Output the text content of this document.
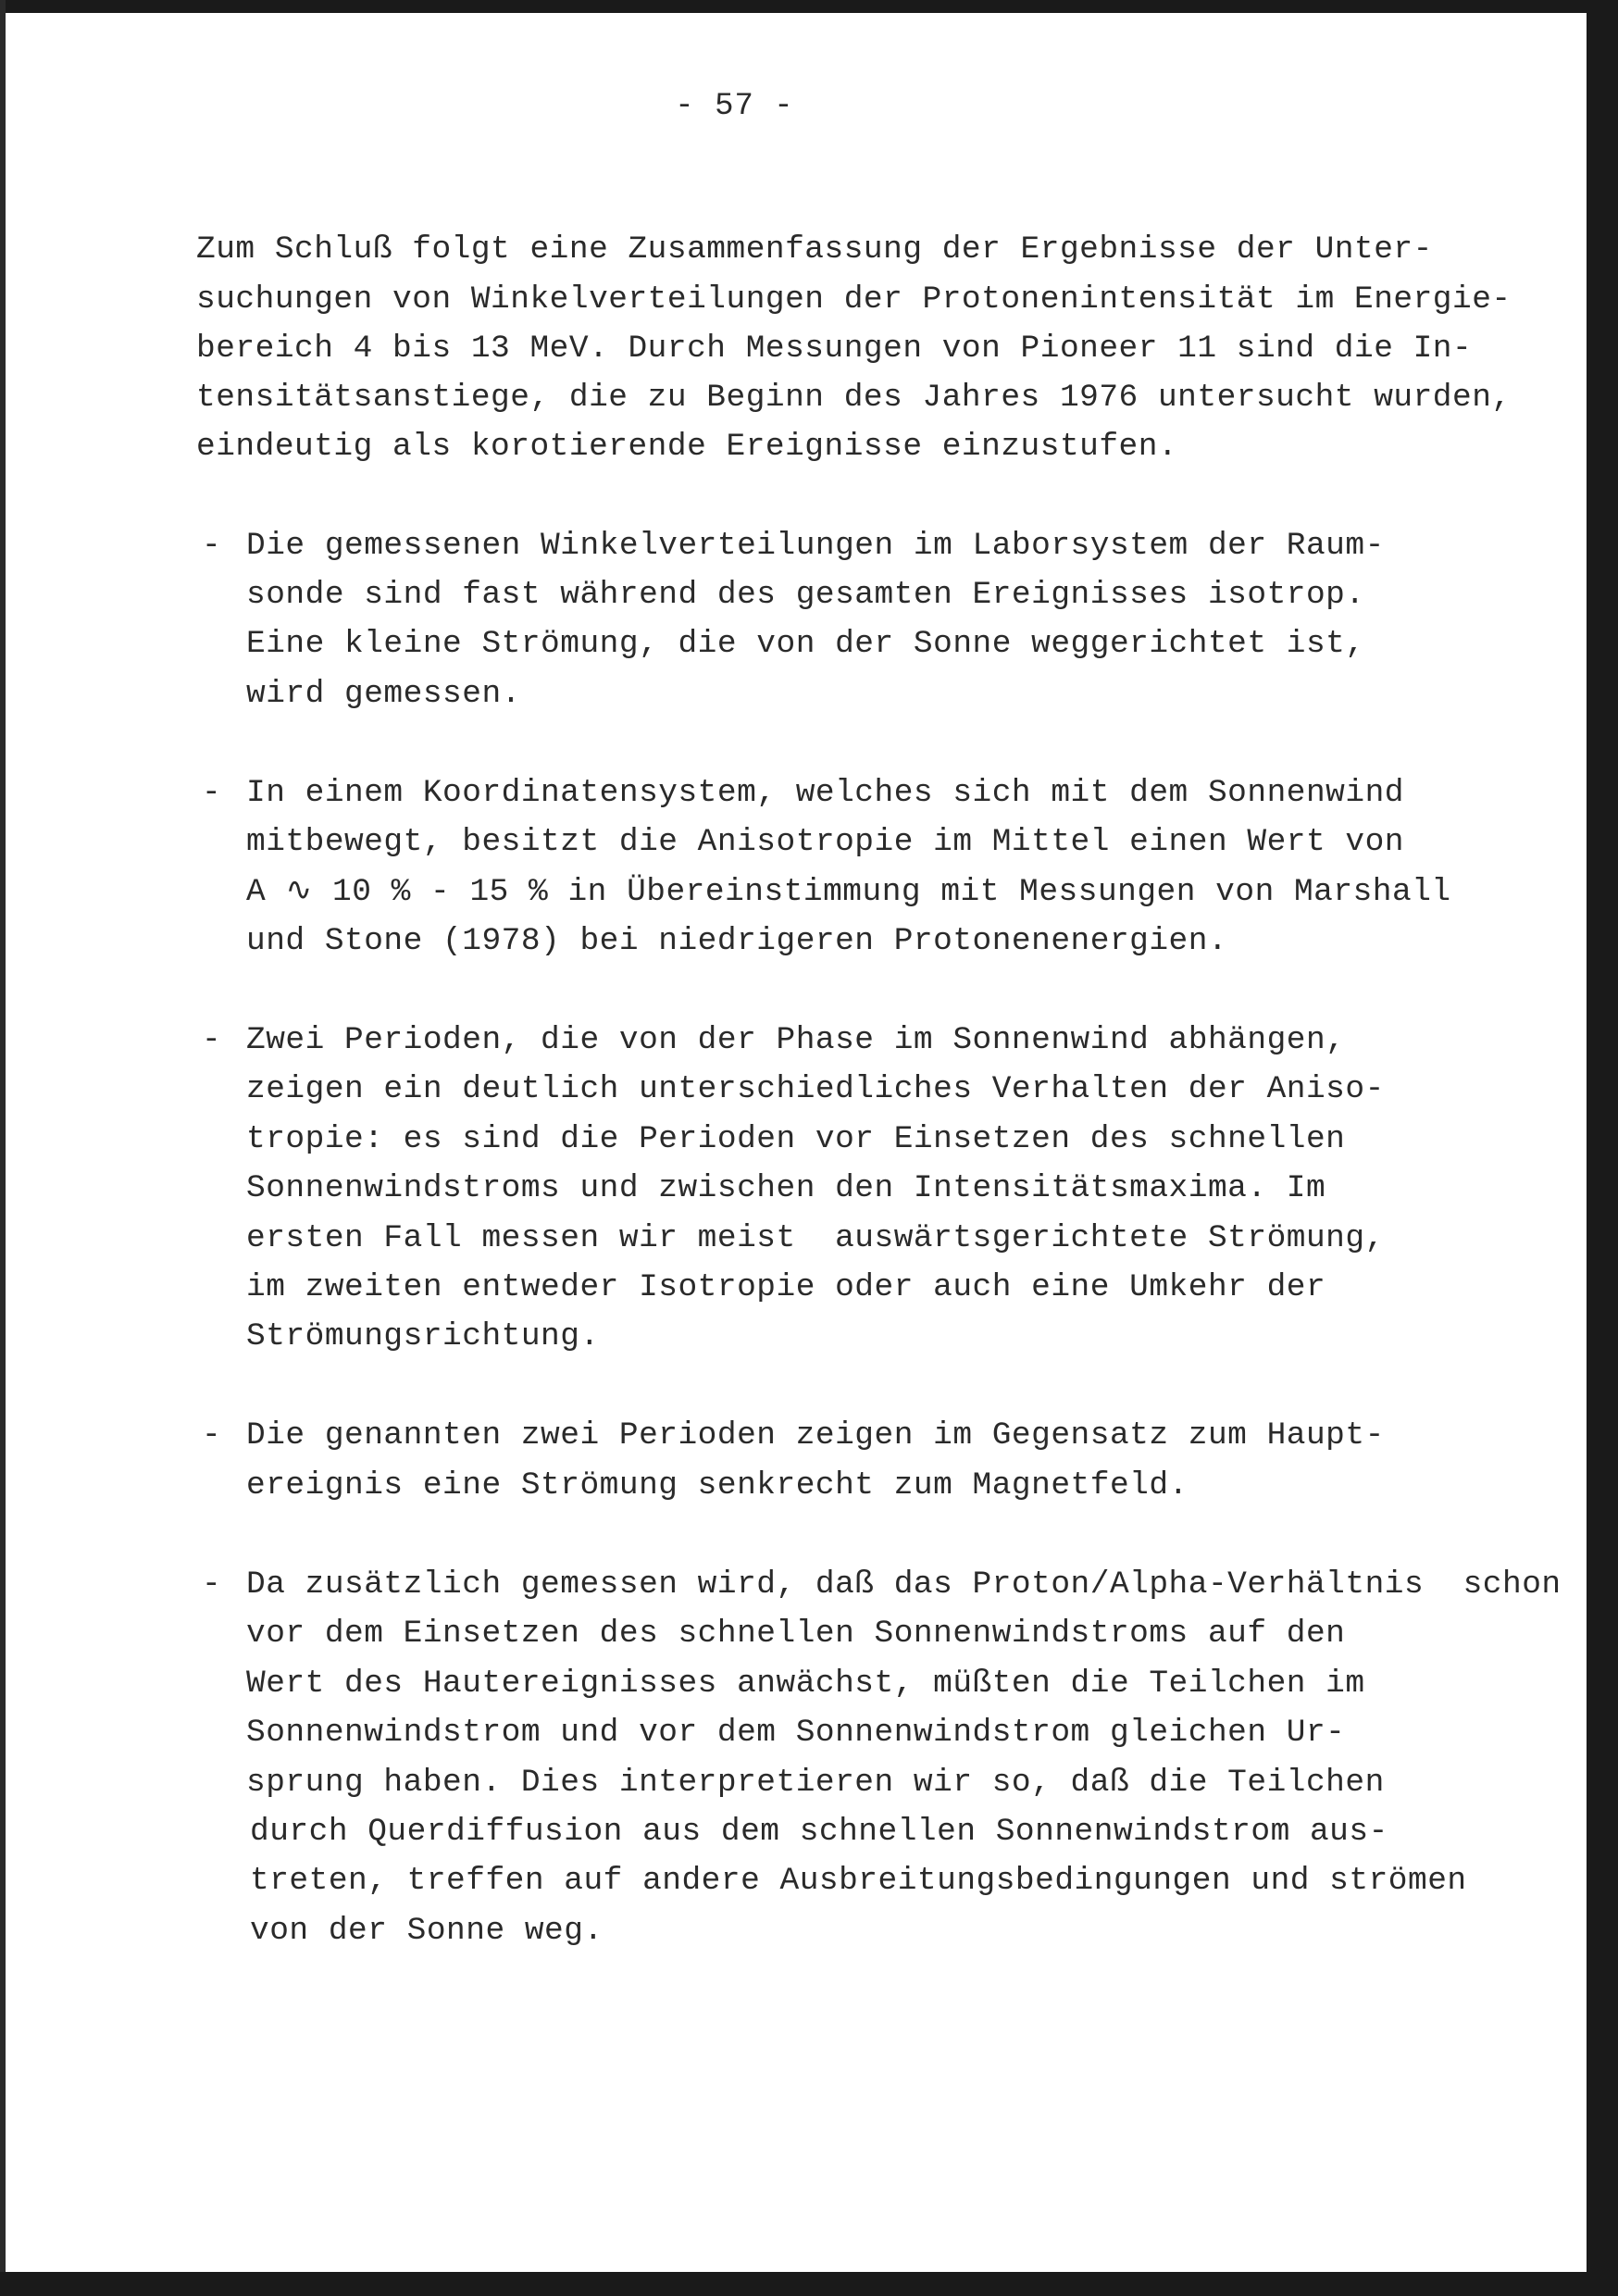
- 57 -
Zum Schluß folgt eine Zusammenfassung der Ergebnisse der Unter-
suchungen von Winkelverteilungen der Protonenintensität im Energie-
bereich 4 bis 13 MeV. Durch Messungen von Pioneer 11 sind die In-
tensitätsanstiege, die zu Beginn des Jahres 1976 untersucht wurden,
eindeutig als korotierende Ereignisse einzustufen.
- Die gemessenen Winkelverteilungen im Laborsystem der Raum-
sonde sind fast während des gesamten Ereignisses isotrop.
Eine kleine Strömung, die von der Sonne weggerichtet ist,
wird gemessen.
- In einem Koordinatensystem, welches sich mit dem Sonnenwind
mitbewegt, besitzt die Anisotropie im Mittel einen Wert von
A ∿ 10 % - 15 % in Übereinstimmung mit Messungen von Marshall
und Stone (1978) bei niedrigeren Protonenenergien.
- Zwei Perioden, die von der Phase im Sonnenwind abhängen,
zeigen ein deutlich unterschiedliches Verhalten der Aniso-
tropie: es sind die Perioden vor Einsetzen des schnellen
Sonnenwindstroms und zwischen den Intensitätsmaxima. Im
ersten Fall messen wir meist  auswärtsgerichtete Strömung,
im zweiten entweder Isotropie oder auch eine Umkehr der
Strömungsrichtung.
- Die genannten zwei Perioden zeigen im Gegensatz zum Haupt-
ereignis eine Strömung senkrecht zum Magnetfeld.
- Da zusätzlich gemessen wird, daß das Proton/Alpha-Verhältnis  schon
vor dem Einsetzen des schnellen Sonnenwindstroms auf den
Wert des Hautereignisses anwächst, müßten die Teilchen im
Sonnenwindstrom und vor dem Sonnenwindstrom gleichen Ur-
sprung haben. Dies interpretieren wir so, daß die Teilchen
durch Querdiffusion aus dem schnellen Sonnenwindstrom aus-
treten, treffen auf andere Ausbreitungsbedingungen und strömen
von der Sonne weg.
